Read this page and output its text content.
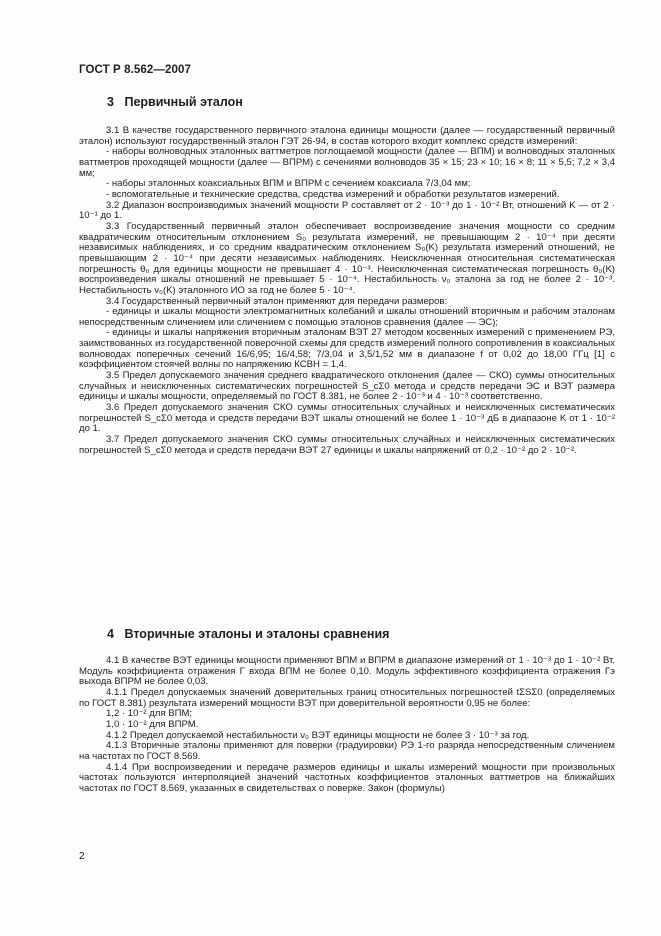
ГОСТ Р 8.562—2007
3 Первичный эталон

3.1 В качестве государственного первичного эталона единицы мощности (далее — государственный первичный эталон) используют государственный эталон ГЭТ 26-94, в состав которого входит комплекс средств измерений:

- наборы волноводных эталонных ваттметров поглощаемой мощности (далее — ВПМ) и волноводных эталонных ваттметров проходящей мощности (далее — ВПРМ) с сечениями волноводов 35 × 15; 23 × 10; 16 × 8; 11 × 5,5; 7,2 × 3,4 мм;

- наборы эталонных коаксиальных ВПМ и ВПРМ с сечением коаксиала 7/3,04 мм;

- вспомогательные и технические средства, средства измерений и обработки результатов измерений.

3.2 Диапазон воспроизводимых значений мощности P составляет от 2 · 10⁻³ до 1 · 10⁻² Вт, отношений K — от 2 · 10⁻¹ до 1.

3.3 Государственный первичный эталон обеспечивает воспроизведение значения мощности со средним квадратическим относительным отклонением S₀ результата измерений, не превышающим 2 · 10⁻⁴ при десяти независимых наблюдениях, и со средним квадратическим отклонением S₀(K) результата измерений отношений, не превышающим 2 · 10⁻⁴ при десяти независимых наблюдениях. Неисключенная относительная систематическая погрешность θ₀ для единицы мощности не превышает 4 · 10⁻³. Неисключенная систематическая погрешность θ₀(K) воспроизведения шкалы отношений не превышает 5 · 10⁻⁴. Нестабильность ν₀ эталона за год не более 2 · 10⁻³. Нестабильность ν₀(K) эталонного ИО за год не более 5 · 10⁻⁴.

3.4 Государственный первичный эталон применяют для передачи размеров:

- единицы и шкалы мощности электромагнитных колебаний и шкалы отношений вторичным и рабочим эталонам непосредственным сличением или сличением с помощью эталонов сравнения (далее — ЭС);

- единицы и шкалы напряжения вторичным эталонам ВЭТ 27 методом косвенных измерений с применением РЭ, заимствованных из государственной поверочной схемы для средств измерений полного сопротивления в коаксиальных волноводах поперечных сечений 16/6,95; 16/4,58; 7/3,04 и 3,5/1,52 мм в диапазоне f от 0,02 до 18,00 ГГц [1] с коэффициентом стоячей волны по напряжению КСВН = 1,4.

3.5 Предел допускаемого значения среднего квадратического отклонения (далее — СКО) суммы относительных случайных и неисключенных систематических погрешностей S_cΣ0 метода и средств передачи ЭС и ВЭТ размера единицы и шкалы мощности, определяемый по ГОСТ 8.381, не более 2 · 10⁻³ и 4 · 10⁻³ соответственно.

3.6 Предел допускаемого значения СКО суммы относительных случайных и неисключенных систематических погрешностей S_cΣ0 метода и средств передачи ВЭТ шкалы отношений не более 1 · 10⁻³ дБ в диапазоне K от 1 · 10⁻² до 1.

3.7 Предел допускаемого значения СКО суммы относительных случайных и неисключенных систематических погрешностей S_cΣ0 метода и средств передачи ВЭТ 27 единицы и шкалы напряжений от 0,2 · 10⁻² до 2 · 10⁻².

4 Вторичные эталоны и эталоны сравнения

4.1 В качестве ВЭТ единицы мощности применяют ВПМ и ВПРМ в диапазоне измерений от 1 · 10⁻³ до 1 · 10⁻² Вт. Модуль коэффициента отражения Γ входа ВПМ не более 0,10. Модуль эффективного коэффициента отражения Γэ выхода ВПРМ не более 0,03.

4.1.1 Предел допускаемых значений доверительных границ относительных погрешностей tΣSΣ0 (определяемых по ГОСТ 8.381) результата измерений мощности ВЭТ при доверительной вероятности 0,95 не более:

1,2 · 10⁻² для ВПМ;

1,0 · 10⁻² для ВПРМ.

4.1.2 Предел допускаемой нестабильности ν₀ ВЭТ единицы мощности не более 3 · 10⁻³ за год.

4.1.3 Вторичные эталоны применяют для поверки (градуировки) РЭ 1-го разряда непосредственным сличением на частотах по ГОСТ 8.569.

4.1.4 При воспроизведении и передаче размеров единицы и шкалы измерений мощности при произвольных частотах пользуются интерполяцией значений частотных коэффициентов эталонных ваттметров на ближайших частотах по ГОСТ 8.569, указанных в свидетельствах о поверке. Закон (формулы)

2
